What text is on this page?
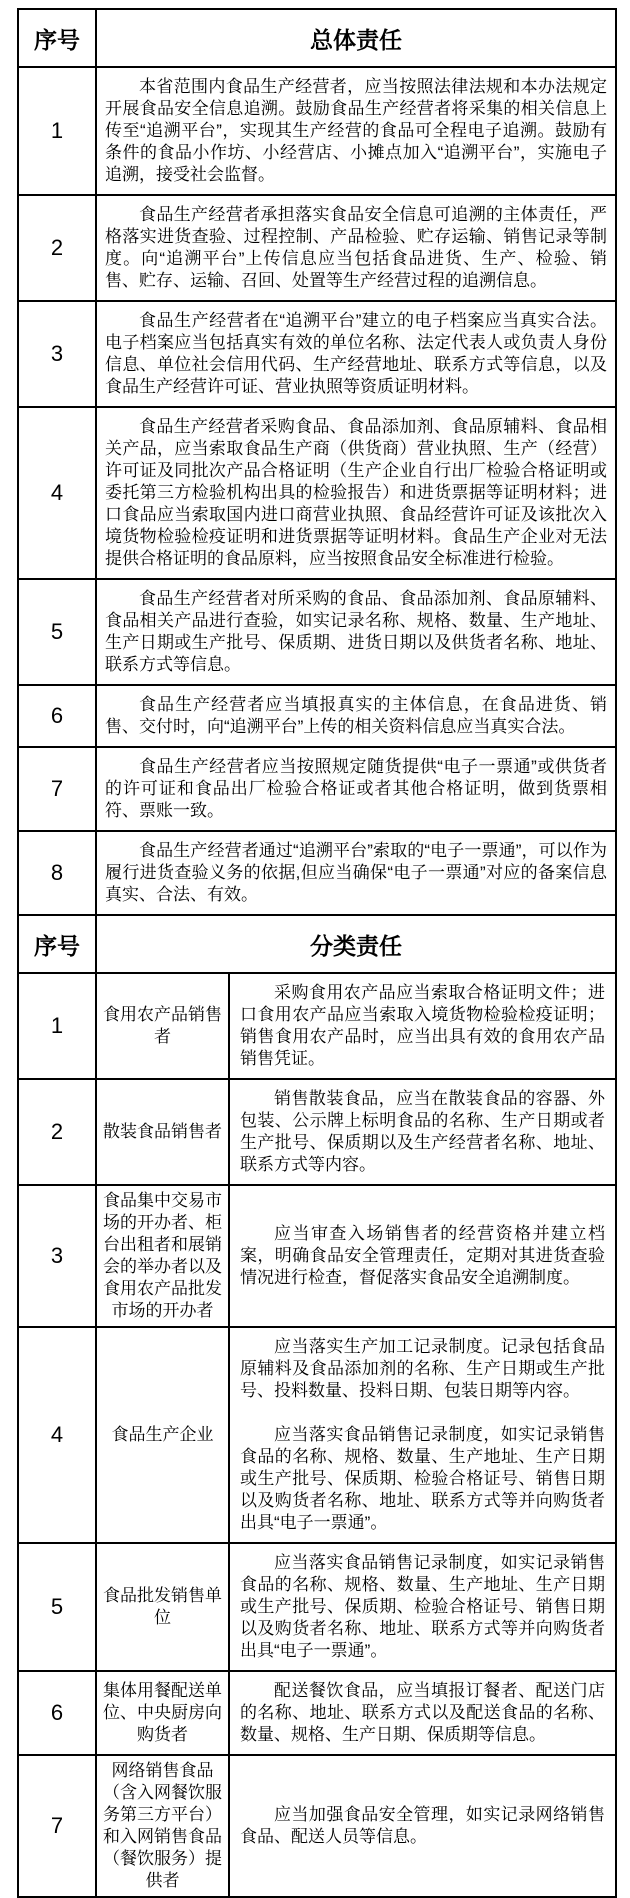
序号	总体责任
1	本省范围内食品生产经营者，应当按照法律法规和本办法规定开展食品安全信息追溯。鼓励食品生产经营者将采集的相关信息上传至“追溯平台”，实现其生产经营的食品可全程电子追溯。鼓励有条件的食品小作坊、小经营店、小摊点加入“追溯平台”，实施电子追溯，接受社会监督。

2	食品生产经营者承担落实食品安全信息可追溯的主体责任，严格落实进货查验、过程控制、产品检验、贮存运输、销售记录等制度。向“追溯平台”上传信息应当包括食品进货、生产、检验、销售、贮存、运输、召回、处置等生产经营过程的追溯信息。

3	食品生产经营者在“追溯平台”建立的电子档案应当真实合法。电子档案应当包括真实有效的单位名称、法定代表人或负责人身份信息、单位社会信用代码、生产经营地址、联系方式等信息，以及食品生产经营许可证、营业执照等资质证明材料。

4	食品生产经营者采购食品、食品添加剂、食品原辅料、食品相关产品，应当索取食品生产商（供货商）营业执照、生产（经营）许可证及同批次产品合格证明（生产企业自行出厂检验合格证明或委托第三方检验机构出具的检验报告）和进货票据等证明材料；进口食品应当索取国内进口商营业执照、食品经营许可证及该批次入境货物检验检疫证明和进货票据等证明材料。食品生产企业对无法提供合格证明的食品原料，应当按照食品安全标准进行检验。

5	食品生产经营者对所采购的食品、食品添加剂、食品原辅料、食品相关产品进行查验，如实记录名称、规格、数量、生产地址、生产日期或生产批号、保质期、进货日期以及供货者名称、地址、联系方式等信息。

6	食品生产经营者应当填报真实的主体信息，在食品进货、销售、交付时，向“追溯平台”上传的相关资料信息应当真实合法。

7	食品生产经营者应当按照规定随货提供“电子一票通”或供货者的许可证和食品出厂检验合格证或者其他合格证明，做到货票相符、票账一致。

8	食品生产经营者通过“追溯平台”索取的“电子一票通”，可以作为履行进货查验义务的依据,但应当确保“电子一票通”对应的备案信息真实、合法、有效。

序号	分类责任	
1	食用农产品销售者	采购食用农产品应当索取合格证明文件；进口食用农产品应当索取入境货物检验检疫证明；销售食用农产品时，应当出具有效的食用农产品销售凭证。

2	散装食品销售者	销售散装食品，应当在散装食品的容器、外包装、公示牌上标明食品的名称、生产日期或者生产批号、保质期以及生产经营者名称、地址、联系方式等内容。

3	食品集中交易市场的开办者、柜台出租者和展销会的举办者以及食用农产品批发市场的开办者	应当审查入场销售者的经营资格并建立档案，明确食品安全管理责任，定期对其进货查验情况进行检查，督促落实食品安全追溯制度。

4	食品生产企业	应当落实生产加工记录制度。记录包括食品原辅料及食品添加剂的名称、生产日期或生产批号、投料数量、投料日期、包装日期等内容。

应当落实食品销售记录制度，如实记录销售食品的名称、规格、数量、生产地址、生产日期或生产批号、保质期、检验合格证号、销售日期以及购货者名称、地址、联系方式等并向购货者出具“电子一票通”。

5	食品批发销售单位	应当落实食品销售记录制度，如实记录销售食品的名称、规格、数量、生产地址、生产日期或生产批号、保质期、检验合格证号、销售日期以及购货者名称、地址、联系方式等并向购货者出具“电子一票通”。

6	集体用餐配送单位、中央厨房向购货者	配送餐饮食品，应当填报订餐者、配送门店的名称、地址、联系方式以及配送食品的名称、数量、规格、生产日期、保质期等信息。

7	网络销售食品（含入网餐饮服务第三方平台）和入网销售食品（餐饮服务）提供者	应当加强食品安全管理，如实记录网络销售食品、配送人员等信息。
